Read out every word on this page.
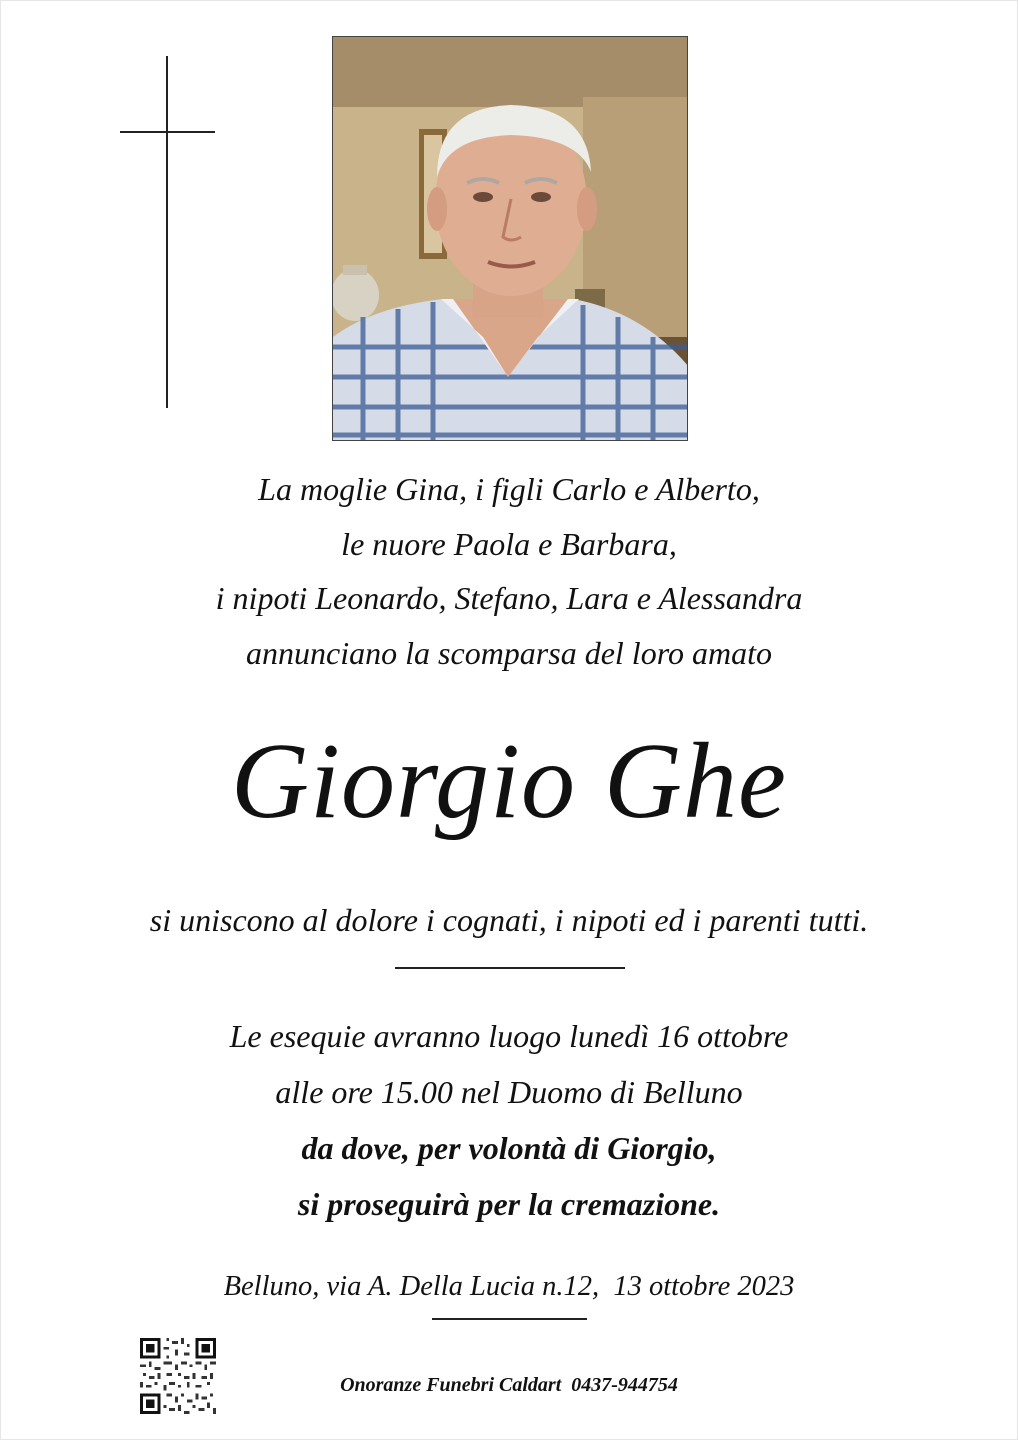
La moglie Gina, i figli Carlo e Alberto,
le nuore Paola e Barbara,
i nipoti Leonardo, Stefano, Lara e Alessandra
annunciano la scomparsa del loro amato
Giorgio Ghe
si uniscono al dolore i cognati, i nipoti ed i parenti tutti.
Le esequie avranno luogo lunedì 16 ottobre
alle ore 15.00 nel Duomo di Belluno
da dove, per volontà di Giorgio,
si proseguirà per la cremazione.
Belluno, via A. Della Lucia n.12,  13 ottobre 2023
Onoranze Funebri Caldart  0437-944754
